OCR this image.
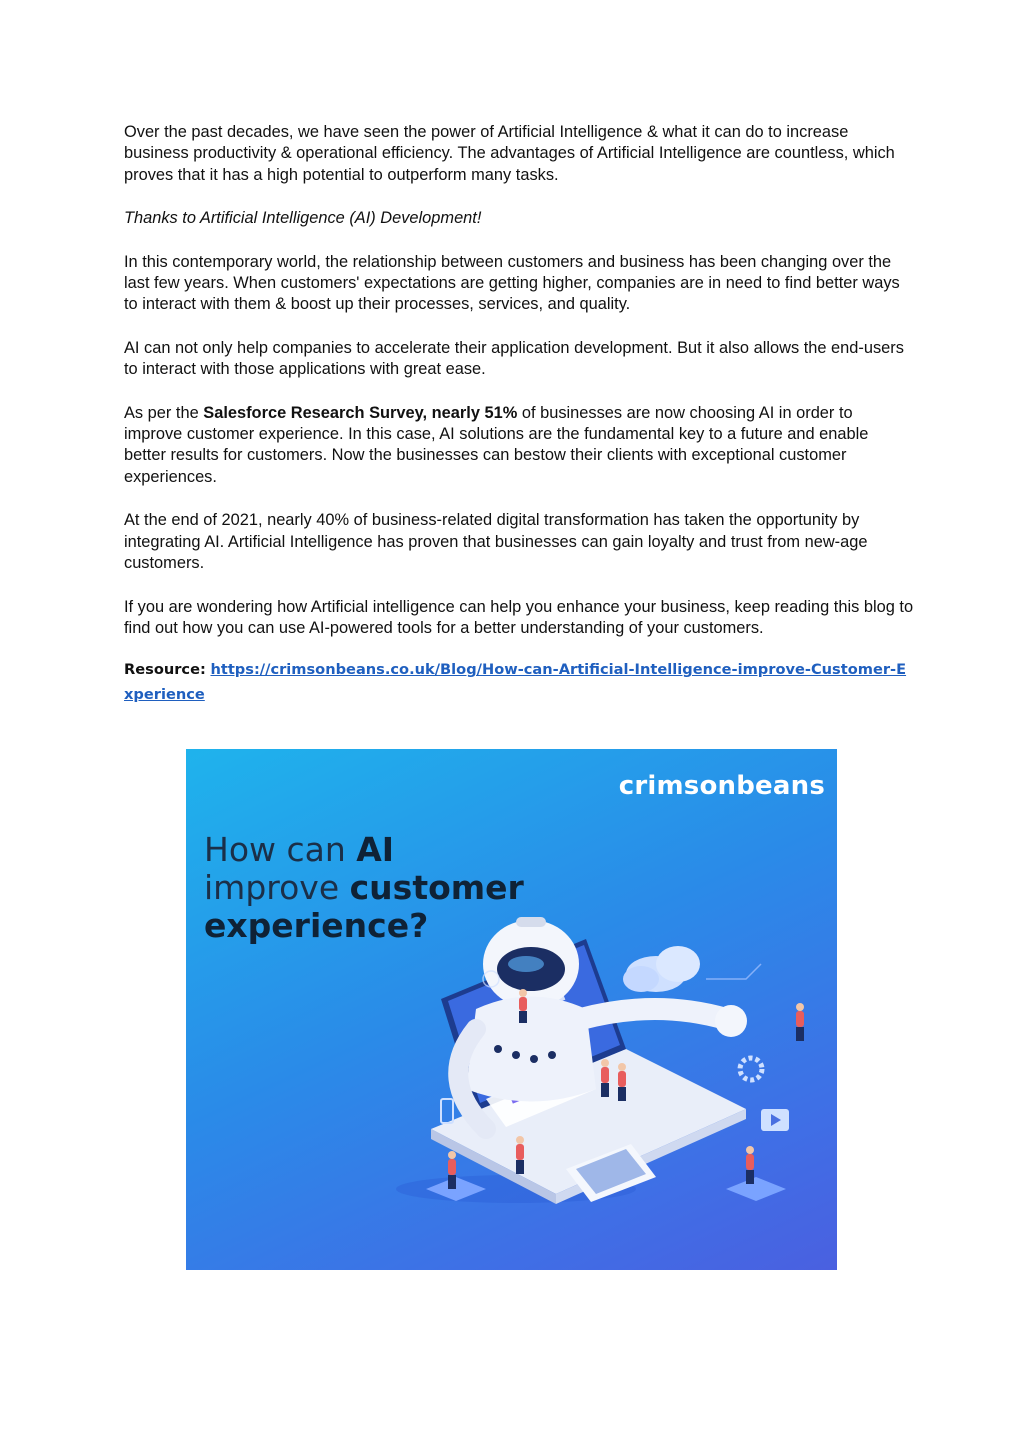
Over the past decades, we have seen the power of Artificial Intelligence & what it can do to increase business productivity & operational efficiency. The advantages of Artificial Intelligence are countless, which proves that it has a high potential to outperform many tasks.

Thanks to Artificial Intelligence (AI) Development!

In this contemporary world, the relationship between customers and business has been changing over the last few years. When customers' expectations are getting higher, companies are in need to find better ways to interact with them & boost up their processes, services, and quality.

AI can not only help companies to accelerate their application development. But it also allows the end-users to interact with those applications with great ease.

As per the Salesforce Research Survey, nearly 51% of businesses are now choosing AI in order to improve customer experience. In this case, AI solutions are the fundamental key to a future and enable better results for customers. Now the businesses can bestow their clients with exceptional customer experiences.

At the end of 2021, nearly 40% of business-related digital transformation has taken the opportunity by integrating AI. Artificial Intelligence has proven that businesses can gain loyalty and trust from new-age customers.

If you are wondering how Artificial intelligence can help you enhance your business, keep reading this blog to find out how you can use AI-powered tools for a better understanding of your customers.

Resource: https://crimsonbeans.co.uk/Blog/How-can-Artificial-Intelligence-improve-Customer-Experience
crimsonbeans
How can AI
improve customer
experience?
